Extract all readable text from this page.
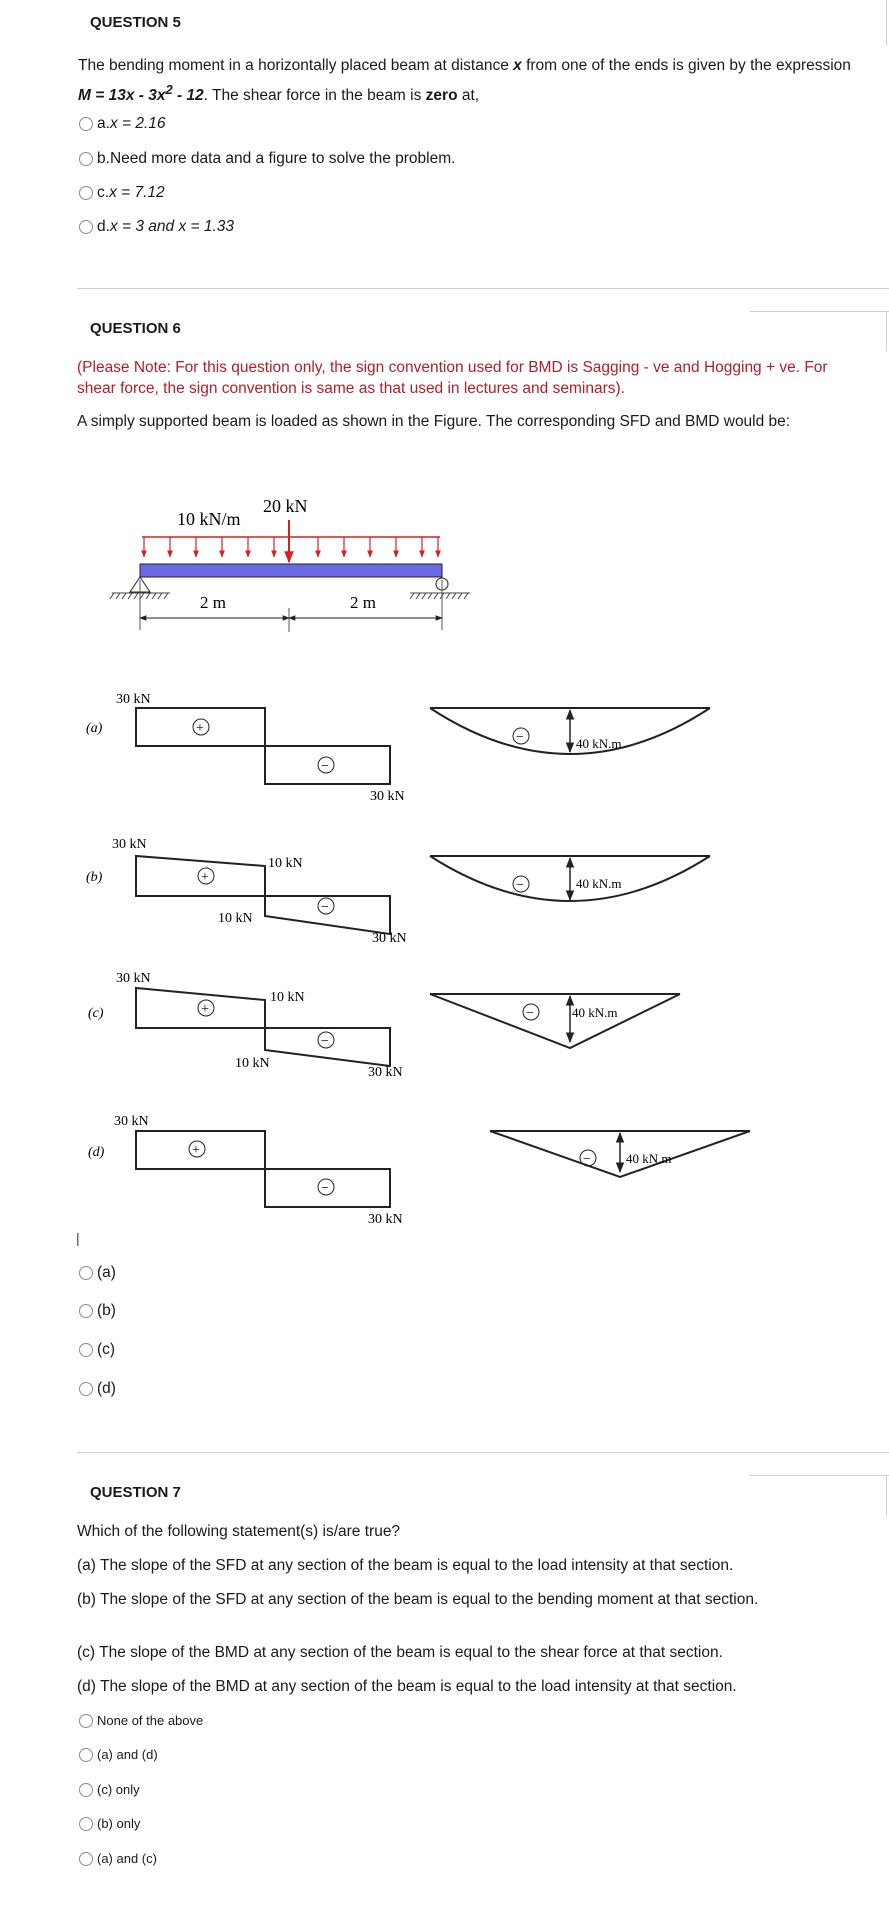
QUESTION 5
The bending moment in a horizontally placed beam at distance x from one of the ends is given by the expression $M = 13x - 3x^2 - 12$. The shear force in the beam is zero at,
a. x = 2.16
b. Need more data and a figure to solve the problem.
c. x = 7.12
d. x = 3 and x = 1.33
QUESTION 6
(Please Note: For this question only, the sign convention used for BMD is Sagging - ve and Hogging + ve. For shear force, the sign convention is same as that used in lectures and seminars).
A simply supported beam is loaded as shown in the Figure. The corresponding SFD and BMD would be:
10 kN/m
20 kN
2 m	2 m
(a)
30 kN
+
−
30 kN
−	40 kN.m
(b)
30 kN
+
−
10 kN
10 kN
30 kN
−	40 kN.m
(c)
30 kN
+
−
10 kN
10 kN
30 kN
−	40 kN.m
(d)
30 kN
+
−
30 kN
−	40 kN.m
|
(a)
(b)
(c)
(d)
QUESTION 7
Which of the following statement(s) is/are true?
(a) The slope of the SFD at any section of the beam is equal to the load intensity at that section.
(b) The slope of the SFD at any section of the beam is equal to the bending moment at that section.
(c) The slope of the BMD at any section of the beam is equal to the shear force at that section.
(d) The slope of the BMD at any section of the beam is equal to the load intensity at that section.
None of the above
(a) and (d)
(c) only
(b) only
(a) and (c)
